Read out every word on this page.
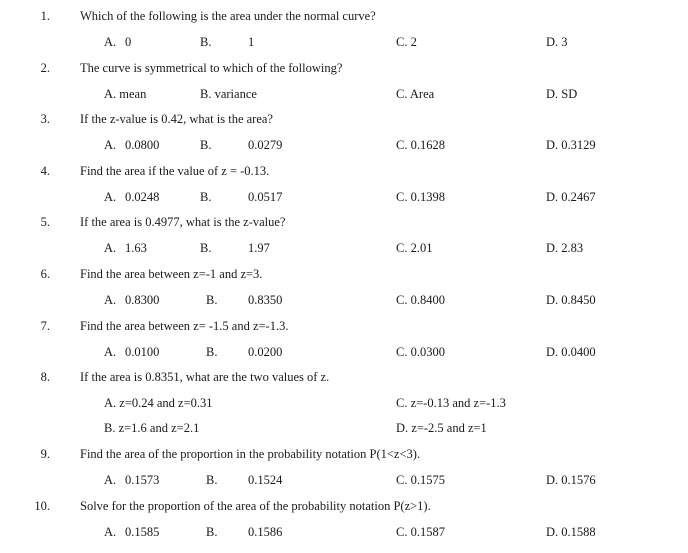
1. Which of the following is the area under the normal curve?
A. 0	B.	1	C. 2	D. 3
2. The curve is symmetrical to which of the following?
A. mean	B. variance	C. Area	D. SD
3. If the z-value is 0.42, what is the area?
A. 0.0800	B.	0.0279	C. 0.1628	D. 0.3129
4. Find the area if the value of z = -0.13.
A. 0.0248	B.	0.0517	C. 0.1398	D. 0.2467
5. If the area is 0.4977, what is the z-value?
A. 1.63	B.	1.97	C. 2.01	D. 2.83
6. Find the area between z=-1 and z=3.
A. 0.8300	B. 0.8350	C. 0.8400	D. 0.8450
7. Find the area between z= -1.5 and z=-1.3.
A. 0.0100	B. 0.0200	C. 0.0300	D. 0.0400
8. If the area is 0.8351, what are the two values of z.
A. z=0.24 and z=0.31	C. z=-0.13 and z=-1.3
B. z=1.6 and z=2.1	D. z=-2.5 and z=1
9. Find the area of the proportion in the probability notation P(1<z<3).
A. 0.1573	B. 0.1524	C. 0.1575	D. 0.1576
10. Solve for the proportion of the area of the probability notation P(z>1).
A. 0.1585	B. 0.1586	C. 0.1587	D. 0.1588
